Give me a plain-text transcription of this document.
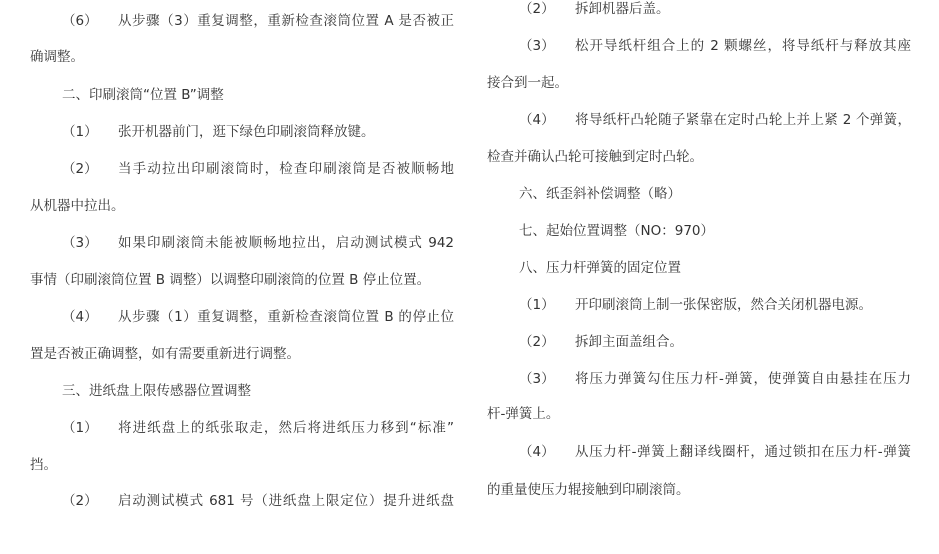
（6）	从步骤（3）重复调整，重新检查滚筒位置 A 是否被正
确调整。
二、印刷滚筒“位置 B”调整
（1）	张开机器前门，逛下绿色印刷滚筒释放键。
（2）	当手动拉出印刷滚筒时，检查印刷滚筒是否被顺畅地
从机器中拉出。
（3）	如果印刷滚筒未能被顺畅地拉出，启动测试模式 942
事情（印刷滚筒位置 B 调整）以调整印刷滚筒的位置 B 停止位置。
（4）	从步骤（1）重复调整，重新检查滚筒位置 B 的停止位
置是否被正确调整，如有需要重新进行调整。
三、进纸盘上限传感器位置调整
（1）	将进纸盘上的纸张取走，然后将进纸压力移到“标准”
挡。
（2）	启动测试模式 681 号（进纸盘上限定位）提升进纸盘
（2）	拆卸机器后盖。
（3）	松开导纸杆组合上的 2 颗螺丝，将导纸杆与释放其座
接合到一起。
（4）	将导纸杆凸轮随子紧靠在定时凸轮上并上紧 2 个弹簧，
检查并确认凸轮可接触到定时凸轮。
六、纸歪斜补偿调整（略）
七、起始位置调整（NO：970）
八、压力杆弹簧的固定位置
（1）	开印刷滚筒上制一张保密版，然合关闭机器电源。
（2）	拆卸主面盖组合。
（3）	将压力弹簧勾住压力杆-弹簧，使弹簧自由悬挂在压力
杆-弹簧上。
（4）	从压力杆-弹簧上翻译线圈杆，通过锁扣在压力杆-弹簧
的重量使压力辊接触到印刷滚筒。
